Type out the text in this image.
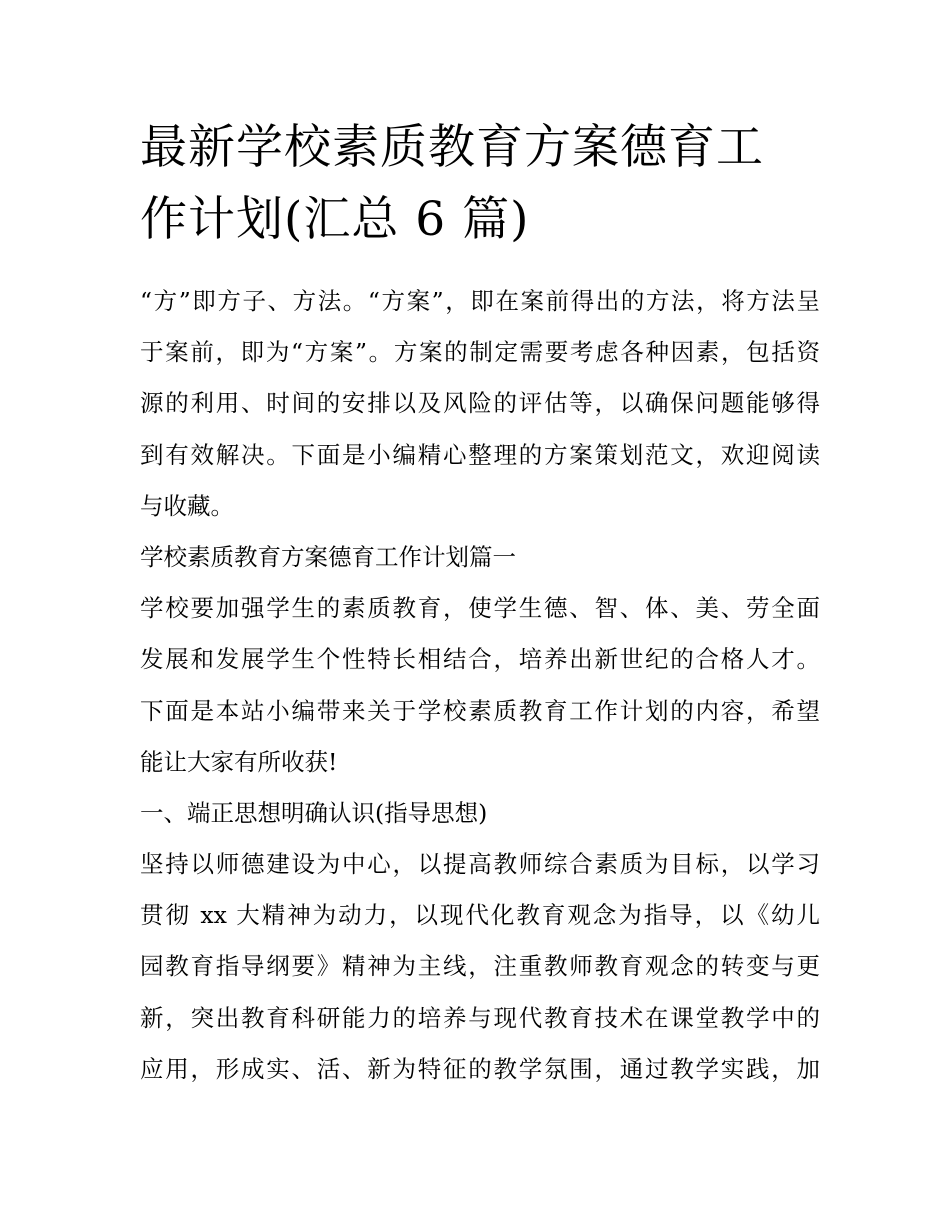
最新学校素质教育方案德育工
作计划(汇总 6 篇)
“方”即方子、方法。“方案”，即在案前得出的方法，将方法呈
于案前，即为“方案”。方案的制定需要考虑各种因素，包括资
源的利用、时间的安排以及风险的评估等，以确保问题能够得
到有效解决。下面是小编精心整理的方案策划范文，欢迎阅读
与收藏。
学校素质教育方案德育工作计划篇一
学校要加强学生的素质教育，使学生德、智、体、美、劳全面
发展和发展学生个性特长相结合，培养出新世纪的合格人才。
下面是本站小编带来关于学校素质教育工作计划的内容，希望
能让大家有所收获!
一、端正思想明确认识(指导思想)
坚持以师德建设为中心，以提高教师综合素质为目标，以学习
贯彻 xx 大精神为动力，以现代化教育观念为指导，以《幼儿
园教育指导纲要》精神为主线，注重教师教育观念的转变与更
新，突出教育科研能力的培养与现代教育技术在课堂教学中的
应用，形成实、活、新为特征的教学氛围，通过教学实践，加
